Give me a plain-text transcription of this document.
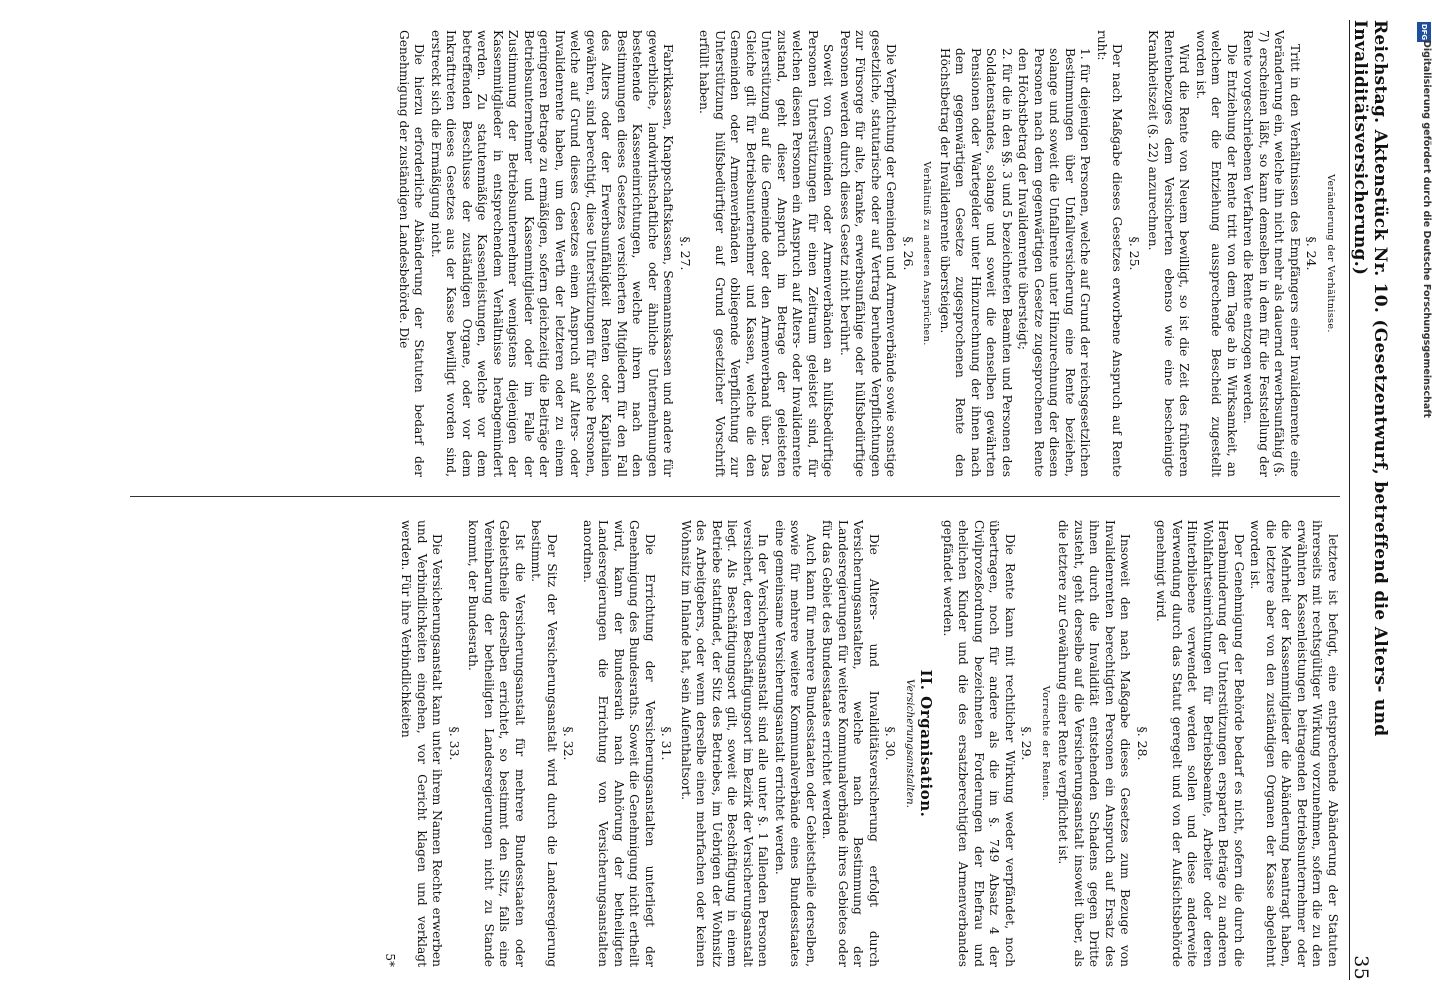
Reichstag. Aktenstück Nr. 10. (Gesetzentwurf, betreffend die Alters- und Invaliditätsversicherung.)
35
Veränderung der Verhältnisse.
§. 24.

Tritt in den Verhältnissen des Empfängers einer Invalidenrente eine Veränderung ein, welche ihn nicht mehr als dauernd erwerbsunfähig (§. 7) erscheinen läßt, so kann demselben in dem für die Feststellung der Rente vorgeschriebenen Verfahren die Rente entzogen werden.

Die Entziehung der Rente tritt von dem Tage ab in Wirksamkeit, an welchem der die Entziehung aussprechende Bescheid zugestellt worden ist.

Wird die Rente von Neuem bewilligt, so ist die Zeit des früheren Rentenbezuges dem Versicherten ebenso wie eine bescheinigte Krankheitszeit (§. 22) anzurechnen.

§. 25.

Der nach Maßgabe dieses Gesetzes erworbene Anspruch auf Rente ruht:

1. für diejenigen Personen, welche auf Grund der reichsgesetzlichen Bestimmungen über Unfallversicherung eine Rente beziehen, solange und soweit die Unfallrente unter Hinzurechnung der diesen Personen nach dem gegenwärtigen Gesetze zugesprochenen Rente den Höchstbetrag der Invalidenrente übersteigt;

2. für die in den §§. 3 und 5 bezeichneten Beamten und Personen des Soldatenstandes, solange und soweit die denselben gewährten Pensionen oder Wartegelder unter Hinzurechnung der ihnen nach dem gegenwärtigen Gesetze zugesprochenen Rente den Höchstbetrag der Invalidenrente übersteigen.

Verhältniß zu anderen Ansprüchen.
§. 26.

Die Verpflichtung der Gemeinden und Armenverbände sowie sonstige gesetzliche, statutarische oder auf Vertrag beruhende Verpflichtungen zur Fürsorge für alte, kranke, erwerbsunfähige oder hülfsbedürftige Personen werden durch dieses Gesetz nicht berührt.

Soweit von Gemeinden oder Armenverbänden an hülfsbedürftige Personen Unterstützungen für einen Zeitraum geleistet sind, für welchen diesen Personen ein Anspruch auf Alters- oder Invalidenrente zustand, geht dieser Anspruch im Betrage der geleisteten Unterstützung auf die Gemeinde oder den Armenverband über. Das Gleiche gilt für Betriebsunternehmer und Kassen, welche die den Gemeinden oder Armenverbänden obliegende Verpflichtung zur Unterstützung hülfsbedürftiger auf Grund gesetzlicher Vorschrift erfüllt haben.

§. 27.

Fabrikkassen, Knappschaftskassen, Seemannskassen und andere für gewerbliche, landwirthschaftliche oder ähnliche Unternehmungen bestehende Kasseneinrichtungen, welche ihren nach den Bestimmungen dieses Gesetzes versicherten Mitgliedern für den Fall des Alters oder der Erwerbsunfähigkeit Renten oder Kapitalien gewähren, sind berechtigt, diese Unterstützungen für solche Personen, welche auf Grund dieses Gesetzes einen Anspruch auf Alters- oder Invalidenrente haben, um den Werth der letzteren oder zu einem geringeren Betrage zu ermäßigen, sofern gleichzeitig die Beiträge der Betriebsunternehmer und Kassenmitglieder oder im Falle der Zustimmung der Betriebsunternehmer wenigstens diejenigen der Kassenmitglieder in entsprechendem Verhältnisse herabgemindert werden. Zu statutenmäßige Kassenleistungen, welche vor dem betreffenden Beschlusse der zuständigen Organe, oder vor dem Inkrafttreten dieses Gesetzes aus der Kasse bewilligt worden sind, erstreckt sich die Ermäßigung nicht.

Die hierzu erforderliche Abänderung der Statuten bedarf der Genehmigung der zuständigen Landesbehörde. Die

letztere ist befugt, eine entsprechende Abänderung der Statuten ihrerseits mit rechtsgültiger Wirkung vorzunehmen, sofern die zu den erwähnten Kassenleistungen beitragenden Betriebsunternehmer oder die Mehrheit der Kassenmitglieder die Abänderung beantragt haben, die letztere aber von den zuständigen Organen der Kasse abgelehnt worden ist.

Der Genehmigung der Behörde bedarf es nicht, sofern die durch die Herabminderung der Unterstützungen ersparten Beträge zu anderen Wohlfahrtseinrichtungen für Betriebsbeamte, Arbeiter oder deren Hinterbliebene verwendet werden sollen und diese anderweite Verwendung durch das Statut geregelt und von der Aufsichtsbehörde genehmigt wird.

§. 28.

Insoweit den nach Maßgabe dieses Gesetzes zum Bezuge von Invalidenrenten berechtigten Personen ein Anspruch auf Ersatz des ihnen durch die Invalidität entstehenden Schadens gegen Dritte zusteht, geht derselbe auf die Versicherungsanstalt insoweit über, als die letztere zur Gewährung einer Rente verpflichtet ist.

Vorrechte der Renten.
§. 29.

Die Rente kann mit rechtlicher Wirkung weder verpfändet, noch übertragen, noch für andere als die im §. 749 Absatz 4 der Civilprozeßordnung bezeichneten Forderungen der Ehefrau und ehelichen Kinder und die des ersatzberechtigten Armenverbandes gepfändet werden.

II. Organisation.
Versicherungsanstalten.
§. 30.

Die Alters- und Invaliditätsversicherung erfolgt durch Versicherungsanstalten, welche nach Bestimmung der Landesregierungen für weitere Kommunalverbände ihres Gebietes oder für das Gebiet des Bundesstaates errichtet werden.

Auch kann für mehrere Bundesstaaten oder Gebietstheile derselben, sowie für mehrere weitere Kommunalverbände eines Bundesstaates eine gemeinsame Versicherungsanstalt errichtet werden.

In der Versicherungsanstalt sind alle unter §. 1 fallenden Personen versichert, deren Beschäftigungsort im Bezirk der Versicherungsanstalt liegt. Als Beschäftigungsort gilt, soweit die Beschäftigung in einem Betriebe stattfindet, der Sitz des Betriebes, im Uebrigen der Wohnsitz des Arbeitgebers, oder wenn derselbe einen mehrfachen oder keinen Wohnsitz im Inlande hat, sein Aufenthaltsort.

§. 31.

Die Errichtung der Versicherungsanstalten unterliegt der Genehmigung des Bundesraths. Soweit die Genehmigung nicht ertheilt wird, kann der Bundesrath nach Anhörung der betheiligten Landesregierungen die Errichtung von Versicherungsanstalten anordnen.

§. 32.

Der Sitz der Versicherungsanstalt wird durch die Landesregierung bestimmt.

Ist die Versicherungsanstalt für mehrere Bundesstaaten oder Gebietstheile derselben errichtet, so bestimmt den Sitz, falls eine Vereinbarung der betheiligten Landesregierungen nicht zu Stande kommt, der Bundesrath.

§. 33.

Die Versicherungsanstalt kann unter ihrem Namen Rechte erwerben und Verbindlichkeiten eingehen, vor Gericht klagen und verklagt werden. Für ihre Verbindlichkeiten

5*
DFG
Digitalisierung gefördert durch die Deutsche Forschungsgemeinschaft
